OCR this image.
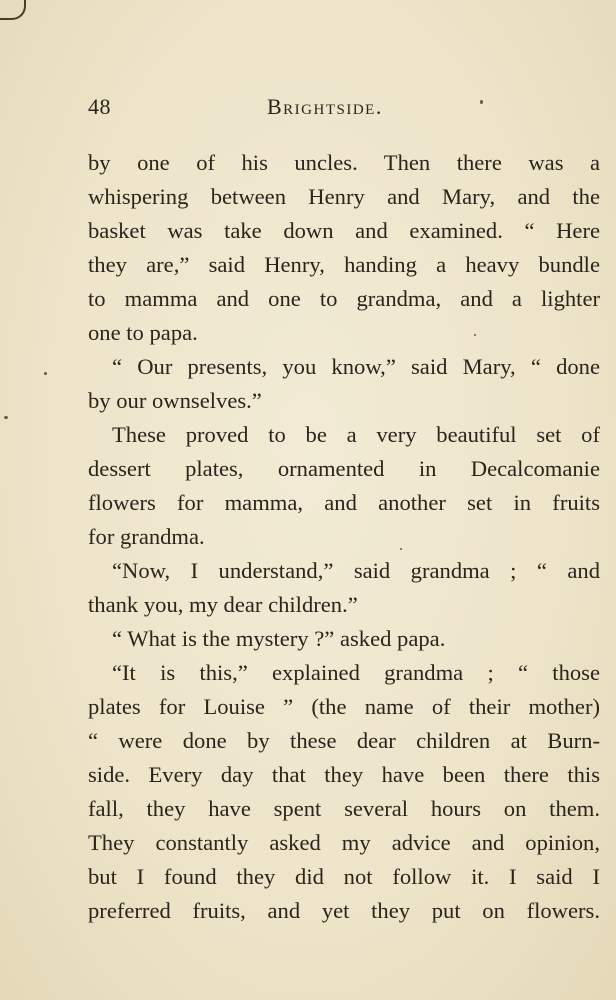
48	Brightside.
by one of his uncles. Then there was a
whispering between Henry and Mary, and the
basket was take down and examined. “ Here
they are,” said Henry, handing a heavy bundle
to mamma and one to grandma, and a lighter
one to papa.
“ Our presents, you know,” said Mary, “ done
by our ownselves.”
These proved to be a very beautiful set of
dessert plates, ornamented in Decalcomanie
flowers for mamma, and another set in fruits
for grandma.
“Now, I understand,” said grandma ; “ and
thank you, my dear children.”
“ What is the mystery ?” asked papa.
“It is this,” explained grandma ; “ those
plates for Louise ” (the name of their mother)
“ were done by these dear children at Burn-
side. Every day that they have been there this
fall, they have spent several hours on them.
They constantly asked my advice and opinion,
but I found they did not follow it. I said I
preferred fruits, and yet they put on flowers.
